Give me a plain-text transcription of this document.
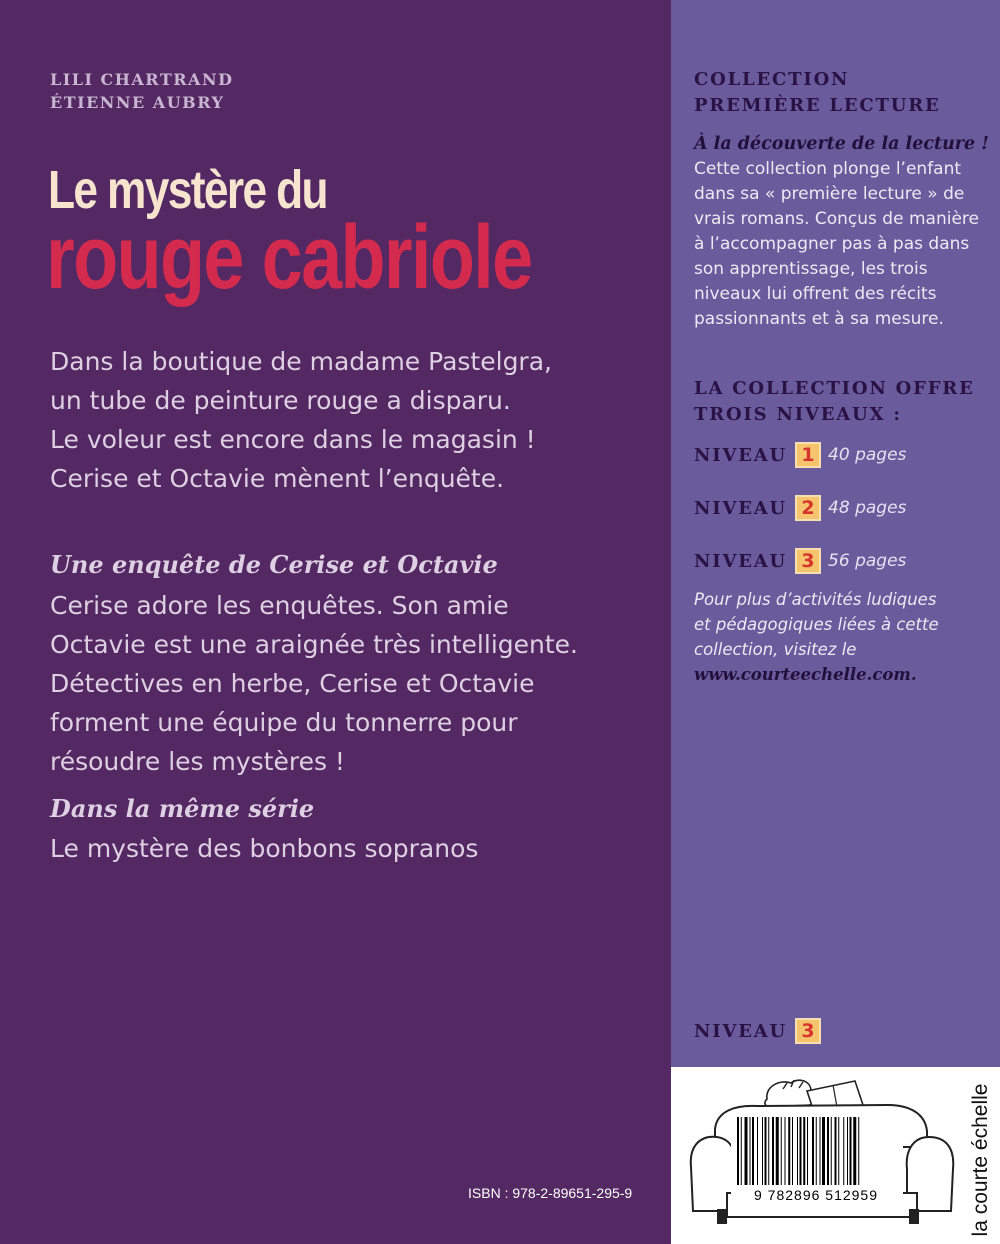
LILI CHARTRAND
ÉTIENNE AUBRY
Le mystère du
rouge cabriole
Dans la boutique de madame Pastelgra,
un tube de peinture rouge a disparu.
Le voleur est encore dans le magasin !
Cerise et Octavie mènent l’enquête.
Une enquête de Cerise et Octavie
Cerise adore les enquêtes. Son amie
Octavie est une araignée très intelligente.
Détectives en herbe, Cerise et Octavie
forment une équipe du tonnerre pour
résoudre les mystères !
Dans la même série
Le mystère des bonbons sopranos
COLLECTION
PREMIÈRE LECTURE
À la découverte de la lecture !
Cette collection plonge l’enfant
dans sa « première lecture » de
vrais romans. Conçus de manière
à l’accompagner pas à pas dans
son apprentissage, les trois
niveaux lui offrent des récits
passionnants et à sa mesure.
LA COLLECTION OFFRE
TROIS NIVEAUX :
NIVEAU 1 40 pages
NIVEAU 2 48 pages
NIVEAU 3 56 pages
Pour plus d’activités ludiques
et pédagogiques liées à cette
collection, visitez le
www.courteechelle.com.
NIVEAU 3
ISBN : 978-2-89651-295-9	9 782896 512959	la courte échelle
